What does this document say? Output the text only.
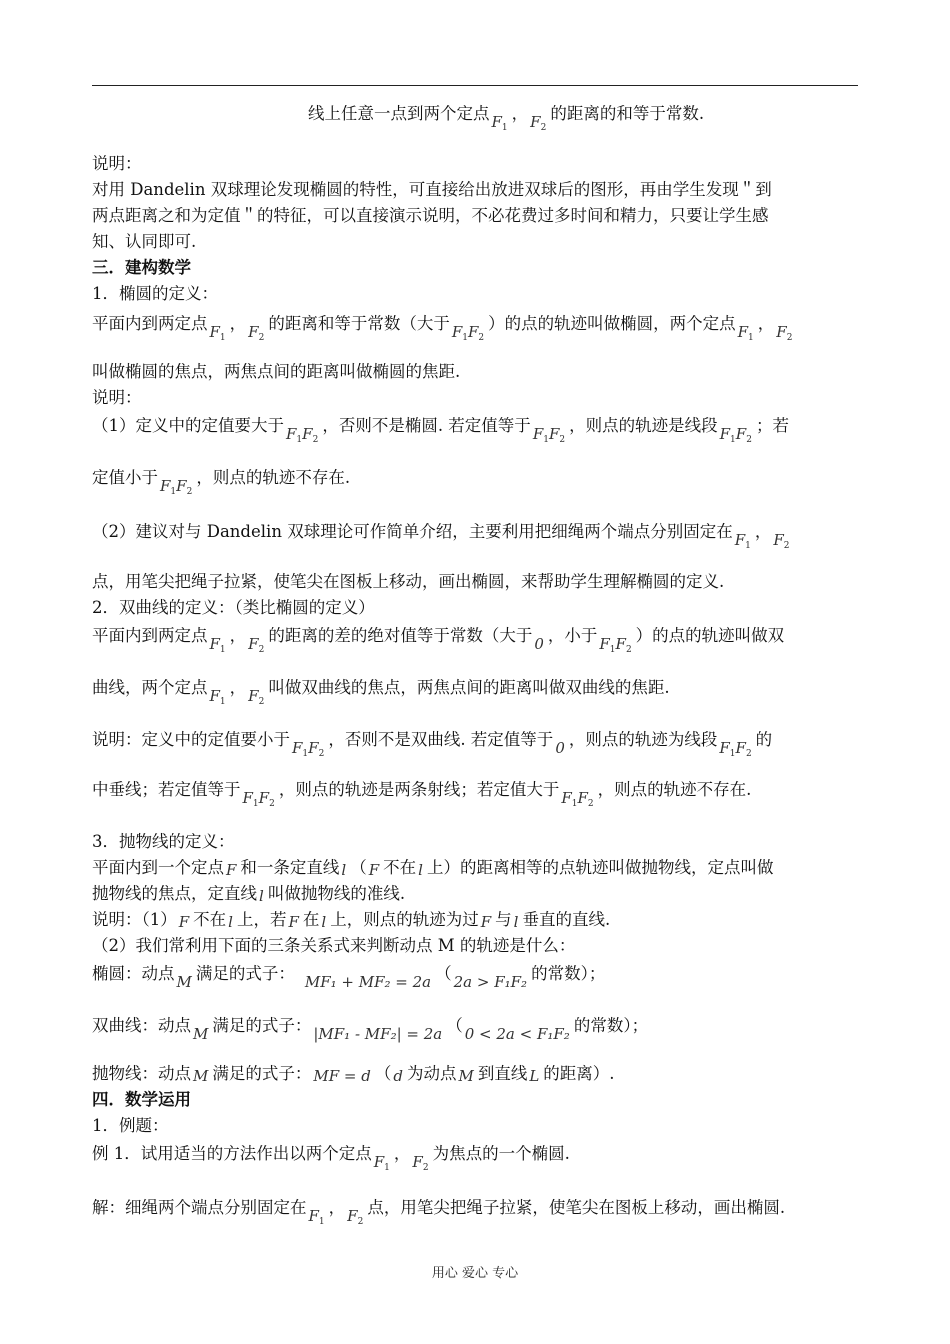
线上任意一点到两个定点 $F_1$， $F_2$的距离的和等于常数.
说明：
对用 Dandelin 双球理论发现椭圆的特性，可直接给出放进双球后的图形，再由学生发现＂到
两点距离之和为定值＂的特征，可以直接演示说明，不必花费过多时间和精力，只要让学生感
知、认同即可.
三．建构数学
1．椭圆的定义：
平面内到两定点 $F_1$， $F_2$的距离和等于常数（大于 $F_1F_2$）的点的轨迹叫做椭圆，两个定点 $F_1$， $F_2$
叫做椭圆的焦点，两焦点间的距离叫做椭圆的焦距.
说明：
（1）定义中的定值要大于 $F_1F_2$，否则不是椭圆. 若定值等于 $F_1F_2$，则点的轨迹是线段 $F_1F_2$；若
定值小于 $F_1F_2$，则点的轨迹不存在.
（2）建议对与 Dandelin 双球理论可作简单介绍，主要利用把细绳两个端点分别固定在 $F_1$， $F_2$
点，用笔尖把绳子拉紧，使笔尖在图板上移动，画出椭圆，来帮助学生理解椭圆的定义.
2．双曲线的定义：（类比椭圆的定义）
平面内到两定点 $F_1$， $F_2$的距离的差的绝对值等于常数（大于 0 ，小于 $F_1F_2$）的点的轨迹叫做双
曲线，两个定点 $F_1$， $F_2$叫做双曲线的焦点，两焦点间的距离叫做双曲线的焦距.
说明：定义中的定值要小于 $F_1F_2$，否则不是双曲线. 若定值等于 0 ，则点的轨迹为线段 $F_1F_2$的
中垂线；若定值等于 $F_1F_2$，则点的轨迹是两条射线；若定值大于 $F_1F_2$，则点的轨迹不存在.
3．抛物线的定义：
平面内到一个定点 F 和一条定直线 l （ F 不在 l 上）的距离相等的点轨迹叫做抛物线，定点叫做
抛物线的焦点，定直线 l 叫做抛物线的准线.
说明：（1） F 不在 l 上，若 F 在 l 上，则点的轨迹为过 F 与 l 垂直的直线.
（2）我们常利用下面的三条关系式来判断动点 M 的轨迹是什么：
椭圆：动点 M 满足的式子： MF₁ + MF₂ = 2a （ 2a > F₁F₂ 的常数）；
双曲线：动点 M 满足的式子： |MF₁ - MF₂| = 2a （ 0 < 2a < F₁F₂ 的常数）；
抛物线：动点 M 满足的式子： MF = d （ d 为动点 M 到直线 L 的距离）.
四．数学运用
1．例题：
例 1．试用适当的方法作出以两个定点 $F_1$， $F_2$为焦点的一个椭圆.
解：细绳两个端点分别固定在 $F_1$， $F_2$点，用笔尖把绳子拉紧，使笔尖在图板上移动，画出椭圆.
用心 爱心 专心
